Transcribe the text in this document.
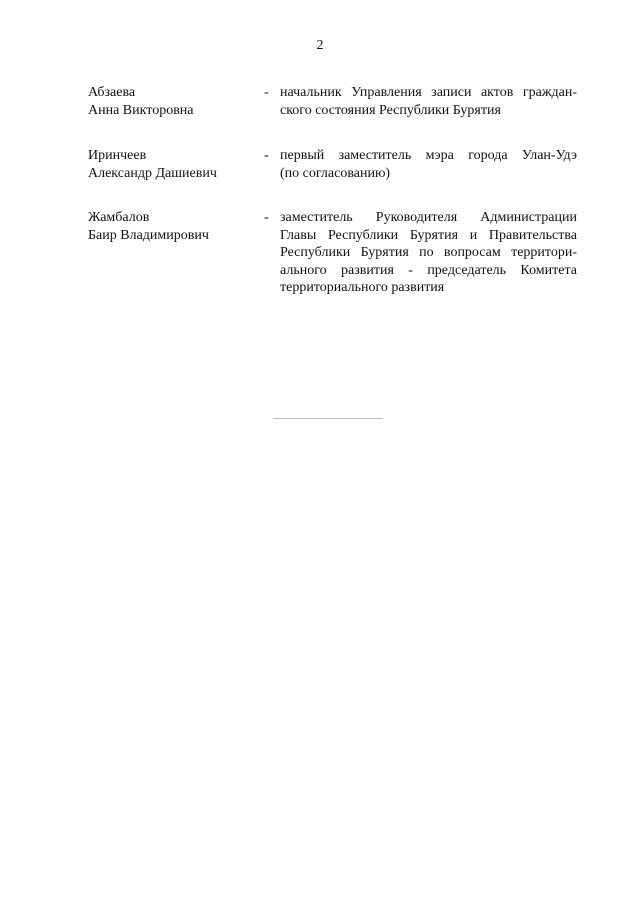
2
Абзаева
Анна Викторовна
- начальник Управления записи актов граждан-
ского состояния Республики Бурятия
Иринчеев
Александр Дашиевич
- первый заместитель мэра города Улан-Удэ
(по согласованию)
Жамбалов
Баир Владимирович
- заместитель Руководителя Администрации
Главы Республики Бурятия и Правительства
Республики Бурятия по вопросам территори-
ального развития - председатель Комитета
территориального развития
